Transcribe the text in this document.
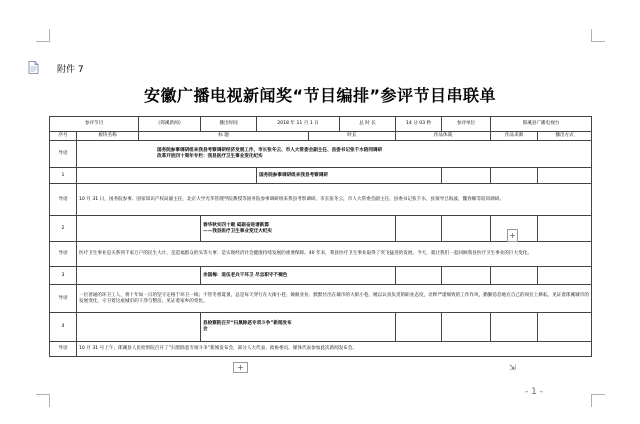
附件 7
安徽广播电视新闻奖“节目编排”参评节目串联单
参评节目		《郎溪新闻》	播出时间	2018 年 11 月 1 日		总 时 长	14 分 03 秒	参评单位	郎溪县广播电视台	
序号	板块名称	标 题			时长		作品体裁		作品来源	播出方式
导语	国务院参事调研组来我县考察调研经济发展工作，市长张冬云、市人大常委会副主任、县委书记张千水陪同调研
改革开放四十周年专栏：我县医疗卫生事业变化纪实									
1				国务院参事调研组来我县考察调研						
导语	10 月 31 日，国务院参事、国家知识产权局副主任，北京大学光华管理学院教授等国务院参事调研组来我县考察调研。市长张冬云，市人大常委会副主任、县委书记张千水，县领导吕海波、魏春顺等陪同调研。									
2			春华秋实四十载 砥砺奋进谱新篇
——我县医疗卫生事业变迁大纪实							
导语	医疗卫生事业是关系到千家万户的民生大计，是造福群众的头等大事；是实现经济社会健康持续发展的重要保障。40 年来，我县医疗卫生事业取得了突飞猛进的发展。今天，就让我们一起回顾我县医疗卫生事业的巨大变化。									
3			余国梅：退伍老兵干环卫 尽忠职守不褪色							
导语	一位普通的环卫工人，将十年如一日的坚守定格于环卫一线；不管冬寒夏暑，总是每天穿行在大街小巷，兢兢业业、默默付出在城市的大街小巷，她以认真负责的职业态度，诠释严谨细致的工作作风，勤勤恳恳地在自己的岗位上耕耘，见证着郎溪城市的发展变化，守卫着这座城市的干净与整洁，见证着家乡的变化。									
4			县检察院召开“扫黑除恶专项斗争”新闻发布
会							
导语	10 月 31 号上午，郎溪县人民检察院召开了“扫黑除恶专项斗争”新闻发布会，部分人大代表、政协委员、媒体代表参加此次新闻发布会。									
+
+	⇲
- 1 -
